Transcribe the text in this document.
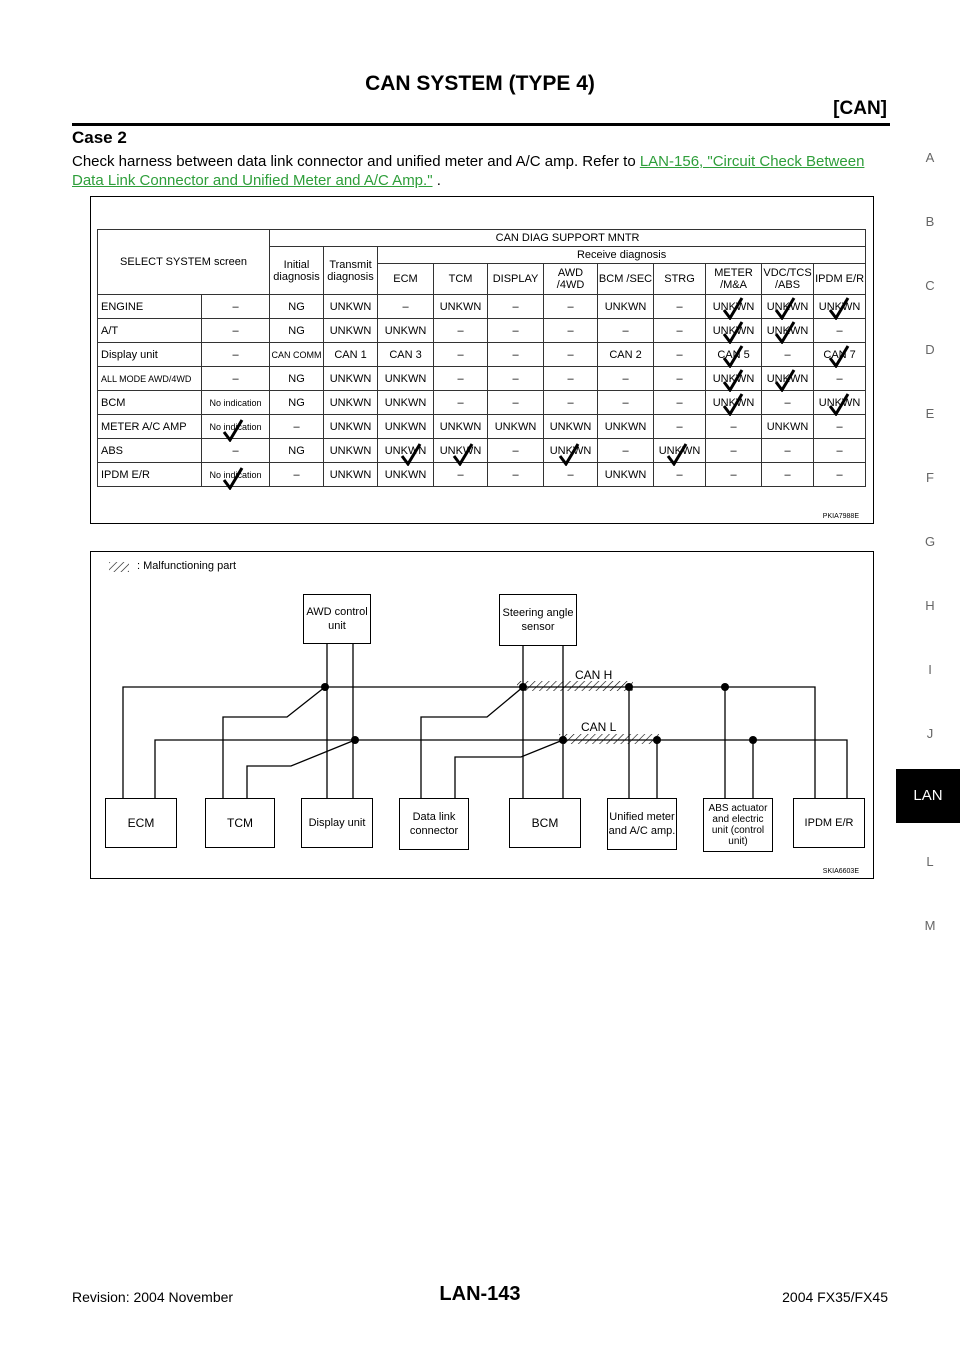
CAN SYSTEM (TYPE 4)
[CAN]
Case 2
Check harness between data link connector and unified meter and A/C amp. Refer to LAN-156, "Circuit Check Between Data Link Connector and Unified Meter and A/C Amp." .
SELECT SYSTEM screen		CAN DIAG SUPPORT MNTR										
		Initial diagnosis	Transmit diagnosis	Receive diagnosis								
				ECM	TCM	DISPLAY	AWD /4WD	BCM /SEC	STRG	METER /M&A	VDC/TCS /ABS	IPDM E/R
ENGINE	–	NG	UNKWN	–	UNKWN	–	–	UNKWN	–	UNKWN	UNKWN	UNKWN
A/T	–	NG	UNKWN	UNKWN	–	–	–	–	–	UNKWN	UNKWN	–
Display unit	–	CAN COMM	CAN 1	CAN 3	–	–	–	CAN 2	–	CAN 5	–	CAN 7
ALL MODE AWD/4WD	–	NG	UNKWN	UNKWN	–	–	–	–	–	UNKWN	UNKWN	–
BCM	No indication	NG	UNKWN	UNKWN	–	–	–	–	–	UNKWN	–	UNKWN
METER A/C AMP	No indication	–	UNKWN	UNKWN	UNKWN	UNKWN	UNKWN	UNKWN	–	–	UNKWN	–
ABS	–	NG	UNKWN	UNKWN	UNKWN	–	UNKWN	–	UNKWN	–	–	–
IPDM E/R	No indication	–	UNKWN	UNKWN	–	–	–	UNKWN	–	–	–	–
PKIA7988E
: Malfunctioning part
CAN H
CAN L
AWD control unit
Steering angle sensor
ECM	TCM	Display unit	Data link connector
BCM	Unified meter and A/C amp.
ABS actuator and electric unit (control unit)
IPDM E/R
SKIA6603E
A
B
C
D
E
F
G
H
I
J
LAN
L
M
Revision: 2004 November	LAN-143	2004 FX35/FX45
